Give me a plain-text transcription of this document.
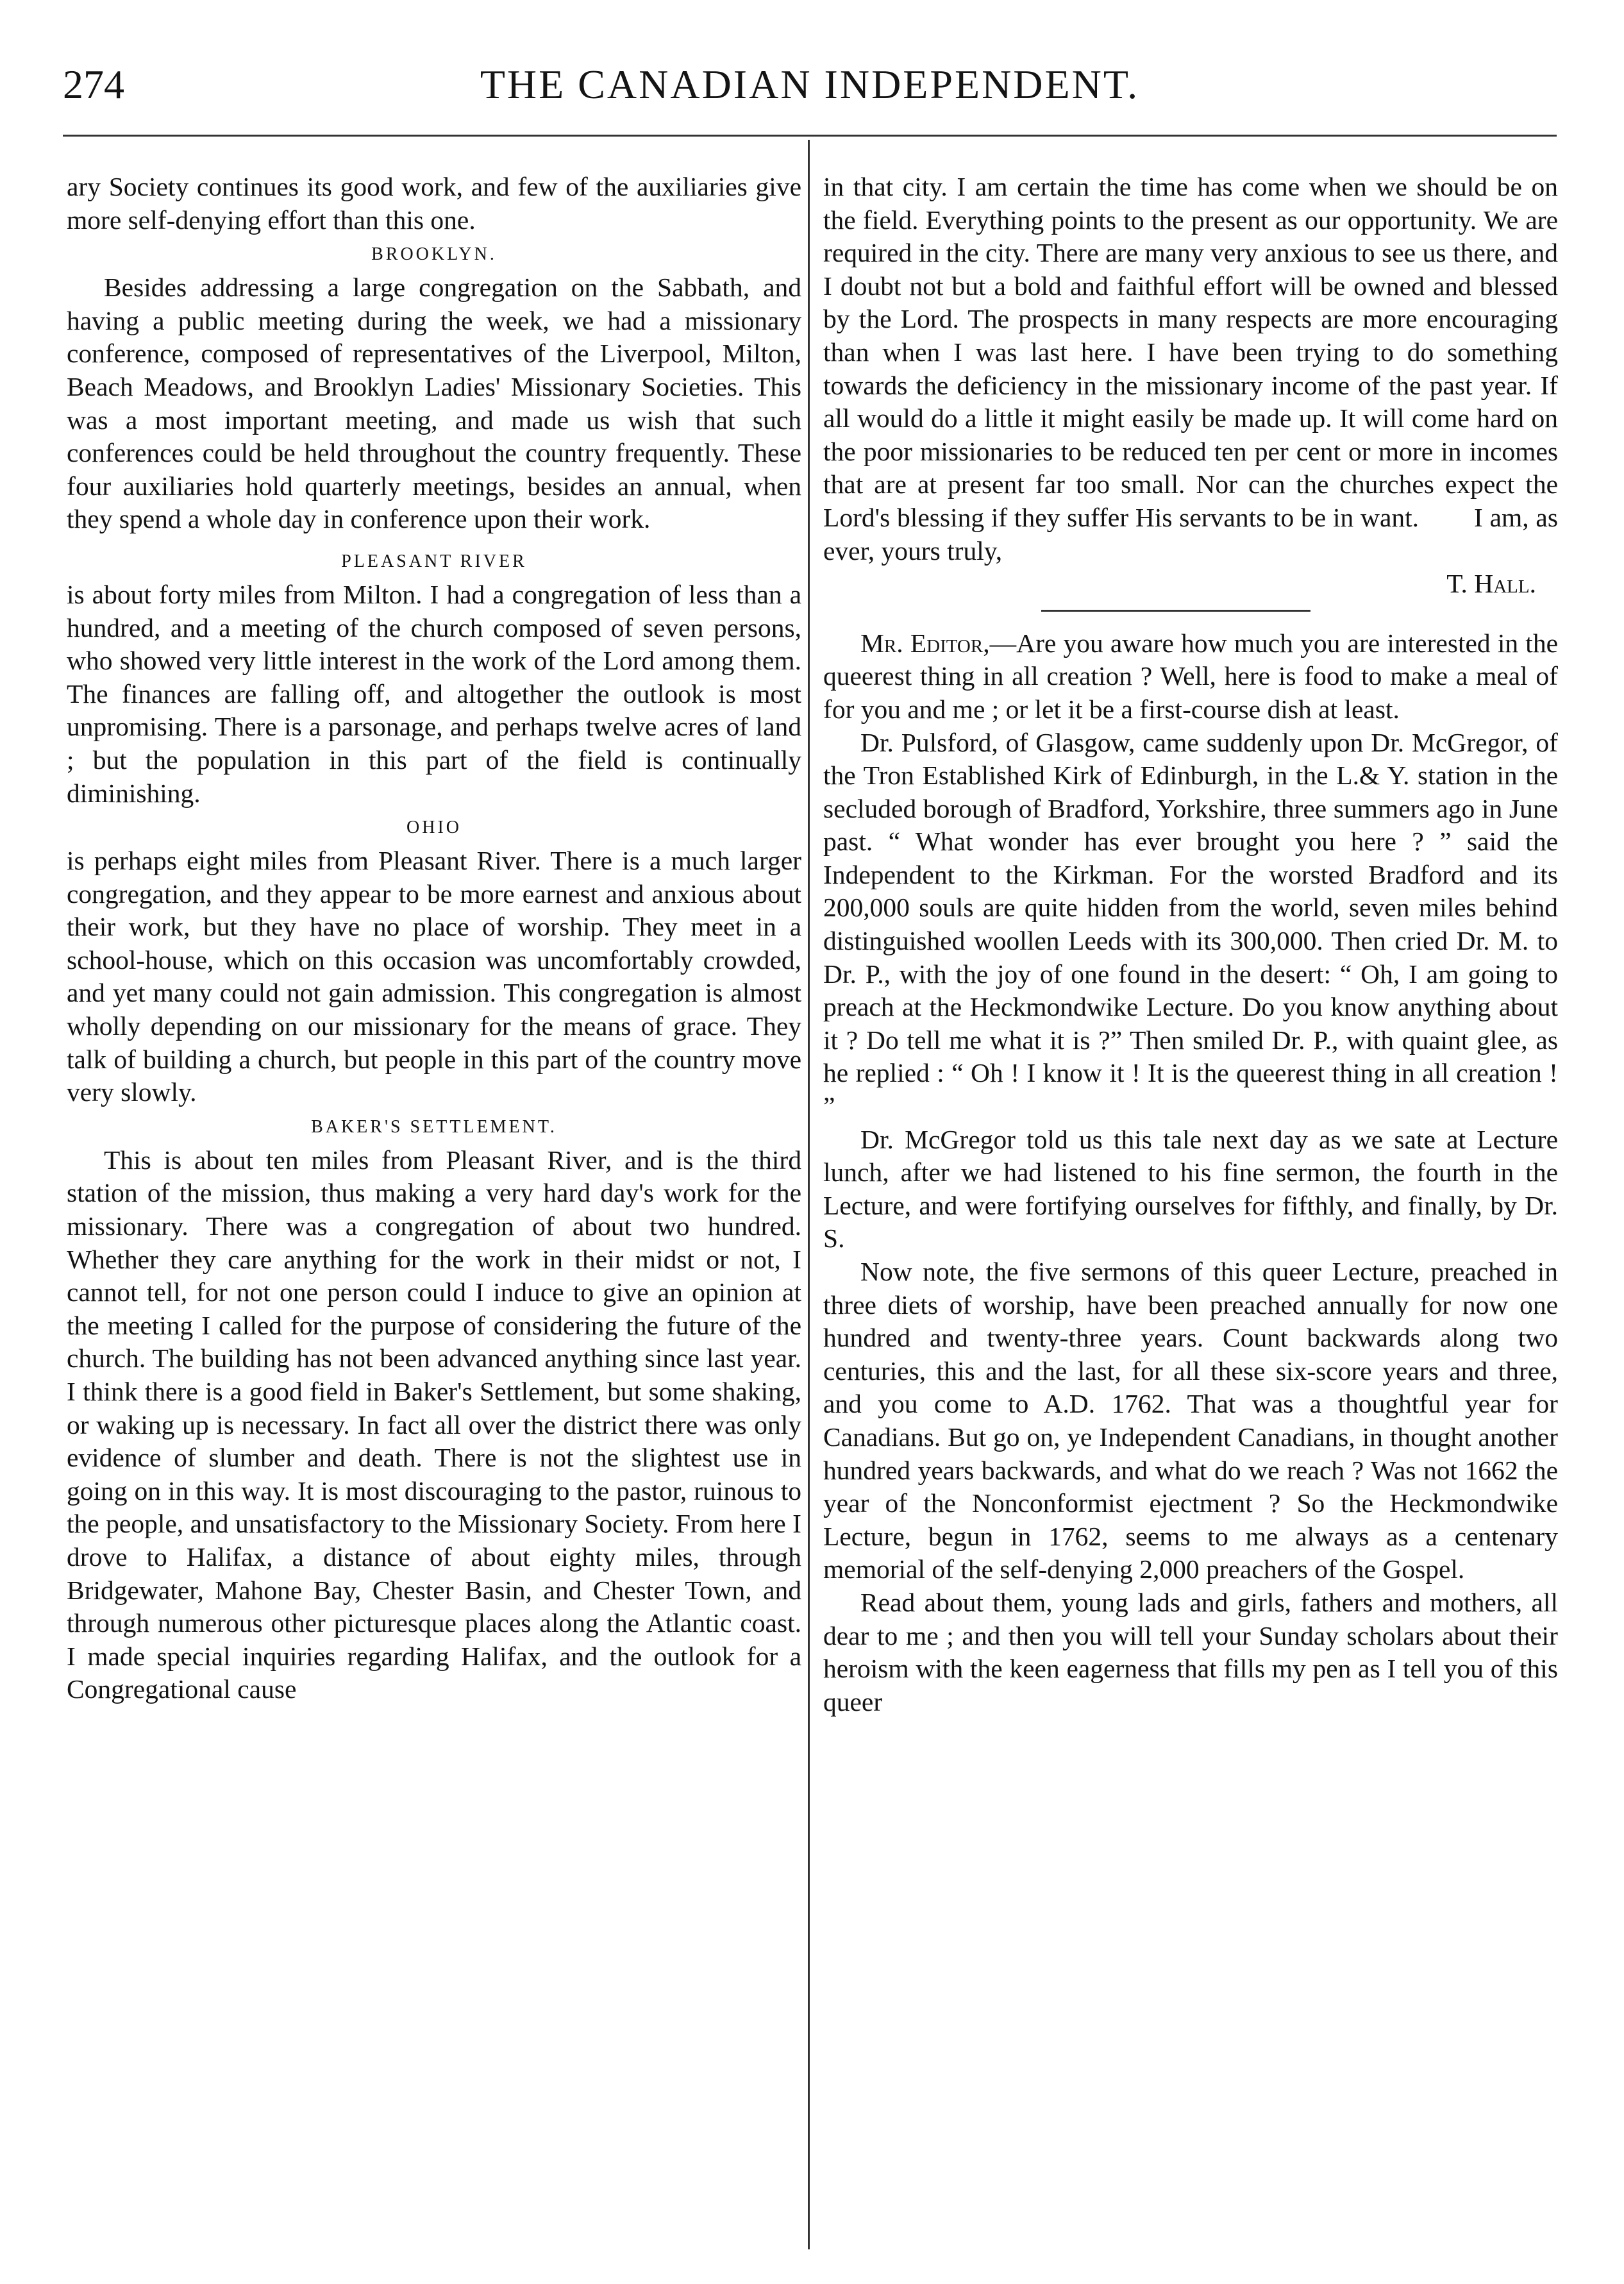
274	THE CANADIAN INDEPENDENT.

ary Society continues its good work, and few of the auxiliaries give more self-denying effort than this one.

BROOKLYN.

Besides addressing a large congregation on the Sabbath, and having a public meeting during the week, we had a missionary conference, composed of representatives of the Liverpool, Milton, Beach Meadows, and Brooklyn Ladies' Missionary Societies. This was a most important meeting, and made us wish that such conferences could be held throughout the country frequently. These four auxiliaries hold quarterly meetings, besides an annual, when they spend a whole day in conference upon their work.

PLEASANT RIVER

is about forty miles from Milton. I had a congregation of less than a hundred, and a meeting of the church composed of seven persons, who showed very little interest in the work of the Lord among them. The finances are falling off, and altogether the outlook is most unpromising. There is a parsonage, and perhaps twelve acres of land ; but the population in this part of the field is continually diminishing.

OHIO

is perhaps eight miles from Pleasant River. There is a much larger congregation, and they appear to be more earnest and anxious about their work, but they have no place of worship. They meet in a school-house, which on this occasion was uncomfortably crowded, and yet many could not gain admission. This congregation is almost wholly depending on our missionary for the means of grace. They talk of building a church, but people in this part of the country move very slowly.

BAKER'S SETTLEMENT.

This is about ten miles from Pleasant River, and is the third station of the mission, thus making a very hard day's work for the missionary. There was a congregation of about two hundred. Whether they care anything for the work in their midst or not, I cannot tell, for not one person could I induce to give an opinion at the meeting I called for the purpose of considering the future of the church. The building has not been advanced anything since last year. I think there is a good field in Baker's Settlement, but some shaking, or waking up is necessary. In fact all over the district there was only evidence of slumber and death. There is not the slightest use in going on in this way. It is most discouraging to the pastor, ruinous to the people, and unsatisfactory to the Missionary Society. From here I drove to Halifax, a distance of about eighty miles, through Bridgewater, Mahone Bay, Chester Basin, and Chester Town, and through numerous other picturesque places along the Atlantic coast. I made special inquiries regarding Halifax, and the outlook for a Congregational cause

in that city. I am certain the time has come when we should be on the field. Everything points to the present as our opportunity. We are required in the city. There are many very anxious to see us there, and I doubt not but a bold and faithful effort will be owned and blessed by the Lord. The prospects in many respects are more encouraging than when I was last here. I have been trying to do something towards the deficiency in the missionary income of the past year. If all would do a little it might easily be made up. It will come hard on the poor missionaries to be reduced ten per cent or more in incomes that are at present far too small. Nor can the churches expect the Lord's blessing if they suffer His servants to be in want. I am, as ever, yours truly,

T. Hall.

Mr. Editor,—Are you aware how much you are interested in the queerest thing in all creation ? Well, here is food to make a meal of for you and me ; or let it be a first-course dish at least.

Dr. Pulsford, of Glasgow, came suddenly upon Dr. McGregor, of the Tron Established Kirk of Edinburgh, in the L.& Y. station in the secluded borough of Bradford, Yorkshire, three summers ago in June past. “ What wonder has ever brought you here ? ” said the Independent to the Kirkman. For the worsted Bradford and its 200,000 souls are quite hidden from the world, seven miles behind distinguished woollen Leeds with its 300,000. Then cried Dr. M. to Dr. P., with the joy of one found in the desert: “ Oh, I am going to preach at the Heckmondwike Lecture. Do you know anything about it ? Do tell me what it is ?” Then smiled Dr. P., with quaint glee, as he replied : “ Oh ! I know it ! It is the queerest thing in all creation ! ”

Dr. McGregor told us this tale next day as we sate at Lecture lunch, after we had listened to his fine sermon, the fourth in the Lecture, and were fortifying ourselves for fifthly, and finally, by Dr. S.

Now note, the five sermons of this queer Lecture, preached in three diets of worship, have been preached annually for now one hundred and twenty-three years. Count backwards along two centuries, this and the last, for all these six-score years and three, and you come to A.D. 1762. That was a thoughtful year for Canadians. But go on, ye Independent Canadians, in thought another hundred years backwards, and what do we reach ? Was not 1662 the year of the Nonconformist ejectment ? So the Heckmondwike Lecture, begun in 1762, seems to me always as a centenary memorial of the self-denying 2,000 preachers of the Gospel.

Read about them, young lads and girls, fathers and mothers, all dear to me ; and then you will tell your Sunday scholars about their heroism with the keen eagerness that fills my pen as I tell you of this queer
